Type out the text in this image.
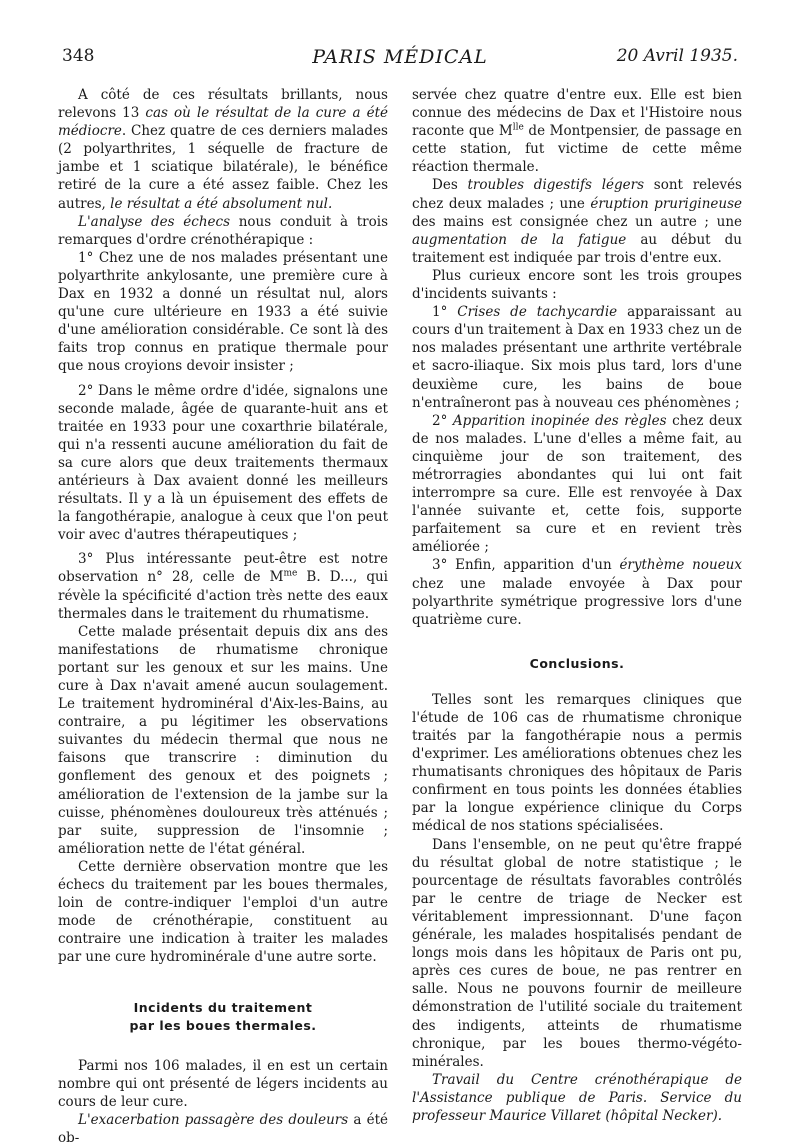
348	PARIS MÉDICAL	20 Avril 1935.

A côté de ces résultats brillants, nous relevons 13 cas où le résultat de la cure a été médiocre. Chez quatre de ces derniers malades (2 polyarthrites, 1 séquelle de fracture de jambe et 1 sciatique bilatérale), le bénéfice retiré de la cure a été assez faible. Chez les autres, le résultat a été absolument nul.

L'analyse des échecs nous conduit à trois remarques d'ordre crénothérapique :

1° Chez une de nos malades présentant une polyarthrite ankylosante, une première cure à Dax en 1932 a donné un résultat nul, alors qu'une cure ultérieure en 1933 a été suivie d'une amélioration considérable. Ce sont là des faits trop connus en pratique thermale pour que nous croyions devoir insister ;

2° Dans le même ordre d'idée, signalons une seconde malade, âgée de quarante-huit ans et traitée en 1933 pour une coxarthrie bilatérale, qui n'a ressenti aucune amélioration du fait de sa cure alors que deux traitements thermaux antérieurs à Dax avaient donné les meilleurs résultats. Il y a là un épuisement des effets de la fangothérapie, analogue à ceux que l'on peut voir avec d'autres thérapeutiques ;

3° Plus intéressante peut-être est notre observation n° 28, celle de $M^{me}$ B. D..., qui révèle la spécificité d'action très nette des eaux thermales dans le traitement du rhumatisme.

Cette malade présentait depuis dix ans des manifestations de rhumatisme chronique portant sur les genoux et sur les mains. Une cure à Dax n'avait amené aucun soulagement. Le traitement hydrominéral d'Aix-les-Bains, au contraire, a pu légitimer les observations suivantes du médecin thermal que nous ne faisons que transcrire : diminution du gonflement des genoux et des poignets ; amélioration de l'extension de la jambe sur la cuisse, phénomènes douloureux très atténués ; par suite, suppression de l'insomnie ; amélioration nette de l'état général.

Cette dernière observation montre que les échecs du traitement par les boues thermales, loin de contre-indiquer l'emploi d'un autre mode de crénothérapie, constituent au contraire une indication à traiter les malades par une cure hydrominérale d'une autre sorte.

Incidents du traitement
par les boues thermales.

Parmi nos 106 malades, il en est un certain nombre qui ont présenté de légers incidents au cours de leur cure.

L'exacerbation passagère des douleurs a été ob-

servée chez quatre d'entre eux. Elle est bien connue des médecins de Dax et l'Histoire nous raconte que $M^{lle}$ de Montpensier, de passage en cette station, fut victime de cette même réaction thermale.

Des troubles digestifs légers sont relevés chez deux malades ; une éruption prurigineuse des mains est consignée chez un autre ; une augmentation de la fatigue au début du traitement est indiquée par trois d'entre eux.

Plus curieux encore sont les trois groupes d'incidents suivants :

1° Crises de tachycardie apparaissant au cours d'un traitement à Dax en 1933 chez un de nos malades présentant une arthrite vertébrale et sacro-iliaque. Six mois plus tard, lors d'une deuxième cure, les bains de boue n'entraîneront pas à nouveau ces phénomènes ;

2° Apparition inopinée des règles chez deux de nos malades. L'une d'elles a même fait, au cinquième jour de son traitement, des métrorragies abondantes qui lui ont fait interrompre sa cure. Elle est renvoyée à Dax l'année suivante et, cette fois, supporte parfaitement sa cure et en revient très améliorée ;

3° Enfin, apparition d'un érythème noueux chez une malade envoyée à Dax pour polyarthrite symétrique progressive lors d'une quatrième cure.

Conclusions.

Telles sont les remarques cliniques que l'étude de 106 cas de rhumatisme chronique traités par la fangothérapie nous a permis d'exprimer. Les améliorations obtenues chez les rhumatisants chroniques des hôpitaux de Paris confirment en tous points les données établies par la longue expérience clinique du Corps médical de nos stations spécialisées.

Dans l'ensemble, on ne peut qu'être frappé du résultat global de notre statistique ; le pourcentage de résultats favorables contrôlés par le centre de triage de Necker est véritablement impressionnant. D'une façon générale, les malades hospitalisés pendant de longs mois dans les hôpitaux de Paris ont pu, après ces cures de boue, ne pas rentrer en salle. Nous ne pouvons fournir de meilleure démonstration de l'utilité sociale du traitement des indigents, atteints de rhumatisme chronique, par les boues thermo-végéto-minérales.

Travail du Centre crénothérapique de l'Assistance publique de Paris. Service du professeur Maurice Villaret (hôpital Necker).
